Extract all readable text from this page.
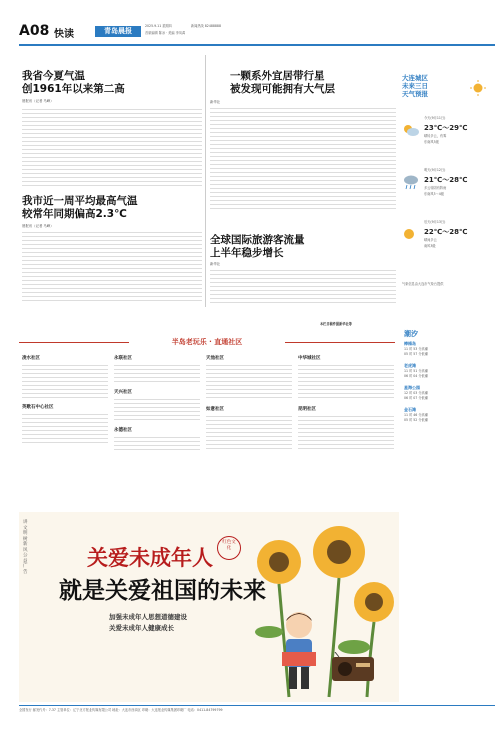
A08 快读	青岛晨报
2025.9.11 星期四	新闻热线 82488888
首席编辑 陈冰 · 美编 李凤禹
我省今夏气温
创1961年以来第二高
晨报讯（记者 马峰）
我市近一周平均最高气温
较常年同期偏高2.3℃
晨报讯（记者 马峰）
一颗系外宜居带行星
被发现可能拥有大气层
新华社
全球国际旅游客流量
上半年稳步增长
新华社
本栏目稿件据新华社等
大连城区
未来三日
天气预报
今天(9月11日)
23℃～29℃
晴转多云，有雾
东南风3级
明天(9月12日)
21℃～28℃
多云转阴有阵雨
东南风3～4级
后天(9月13日)
22℃～28℃
晴间多云
南风3级
气象信息由大连市气象台提供
潮汐
棒棰岛
11 时 53 分高潮
05 时 57 分低潮
老虎滩
11 时 51 分高潮
06 时 04 分低潮
星海公园
12 时 03 分高潮
06 时 07 分低潮
金石滩
11 时 46 分高潮
05 时 52 分低潮
半岛老玩乐 · 直通社区
凌水社区
英歌石中心社区
永联社区
天兴社区
永德社区
天池社区
如意社区
中华城社区
昆明社区
讲文明 树新风 公益广告
关爱未成年人
就是关爱祖国的未来
红色文化
加强未成年人思想道德建设
关爱未成年人健康成长
全国发行 邮发代号：7-37 主管单位：辽宁北方报业传媒有限公司 地址：大连市西岗区 印刷：大连报业传媒集团印刷厂 电话：0411-84799799
